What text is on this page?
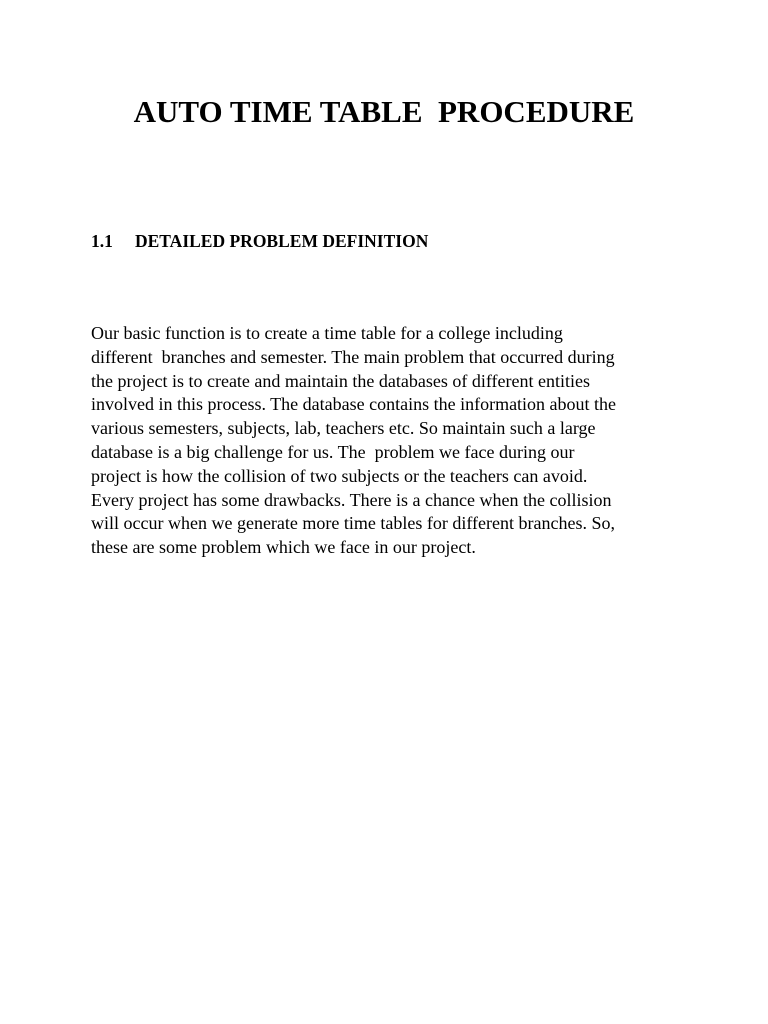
AUTO TIME TABLE  PROCEDURE
1.1 DETAILED PROBLEM DEFINITION

Our basic function is to create a time table for a college including
different  branches and semester. The main problem that occurred during
the project is to create and maintain the databases of different entities
involved in this process. The database contains the information about the
various semesters, subjects, lab, teachers etc. So maintain such a large
database is a big challenge for us. The  problem we face during our
project is how the collision of two subjects or the teachers can avoid.
Every project has some drawbacks. There is a chance when the collision
will occur when we generate more time tables for different branches. So,
these are some problem which we face in our project.
